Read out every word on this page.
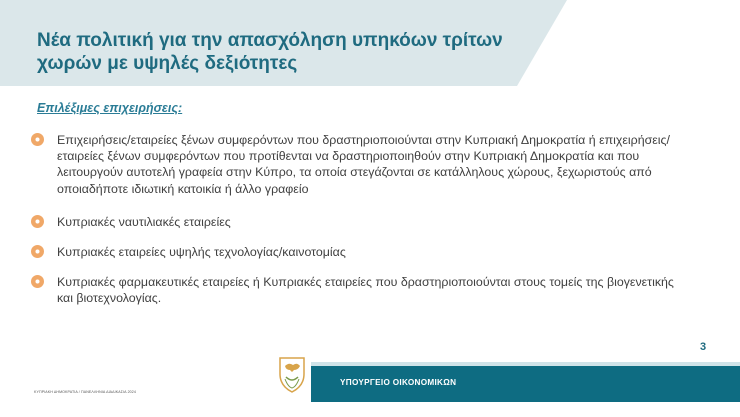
Νέα πολιτική για την απασχόληση υπηκόων τρίτων χωρών με υψηλές δεξιότητες
Επιλέξιμες επιχειρήσεις:
Επιχειρήσεις/εταιρείες ξένων συμφερόντων που δραστηριοποιούνται στην Κυπριακή Δημοκρατία ή επιχειρήσεις/εταιρείες ξένων συμφερόντων που προτίθενται να δραστηριοποιηθούν στην Κυπριακή Δημοκρατία και που λειτουργούν αυτοτελή γραφεία στην Κύπρο, τα οποία στεγάζονται σε κατάλληλους χώρους, ξεχωριστούς από οποιαδήποτε ιδιωτική κατοικία ή άλλο γραφείο
Κυπριακές ναυτιλιακές εταιρείες
Κυπριακές εταιρείες υψηλής τεχνολογίας/καινοτομίας
Κυπριακές φαρμακευτικές εταιρείες ή Κυπριακές εταιρείες που δραστηριοποιούνται στους τομείς της βιογενετικής και βιοτεχνολογίας.
3
ΚΥΠΡΙΑΚΗ ΔΗΜΟΚΡΑΤΙΑ / ΠΑΝΕΛΛΗΝΙΑ ΔΙΑΔΙΚΑΣΙΑ 2024
ΥΠΟΥΡΓΕΙΟ ΟΙΚΟΝΟΜΙΚΩΝ
